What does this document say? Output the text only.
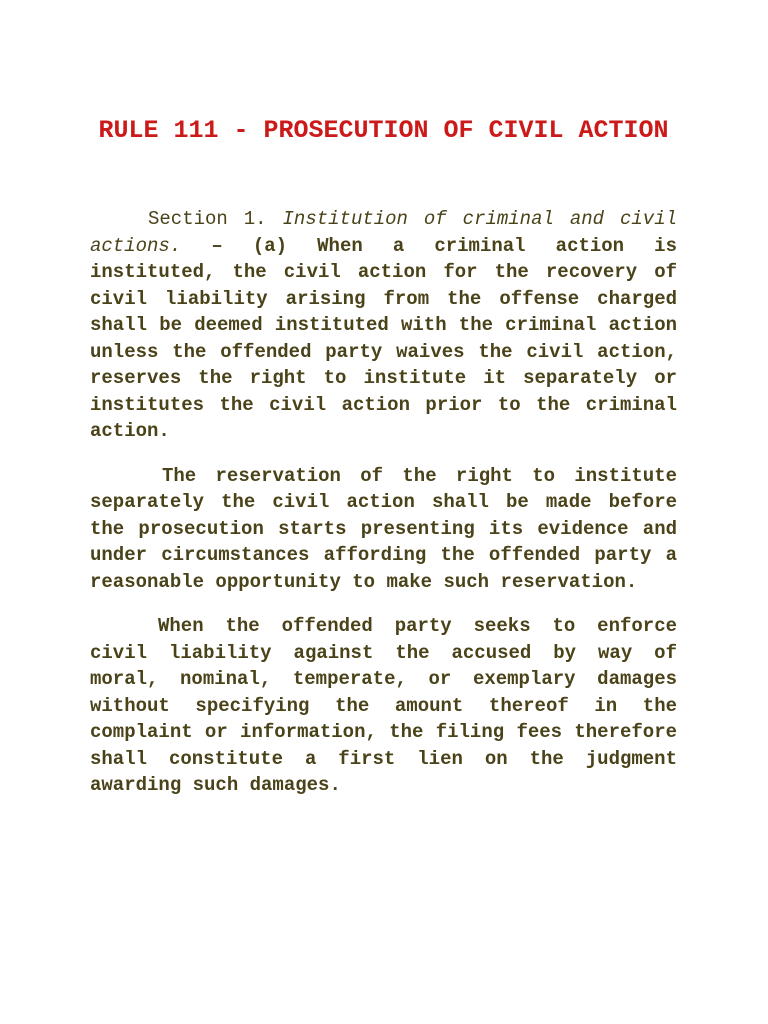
RULE 111 - PROSECUTION OF CIVIL ACTION

Section 1. Institution of criminal and civil actions. – (a) When a criminal action is instituted, the civil action for the recovery of civil liability arising from the offense charged shall be deemed instituted with the criminal action unless the offended party waives the civil action, reserves the right to institute it separately or institutes the civil action prior to the criminal action.

The reservation of the right to institute separately the civil action shall be made before the prosecution starts presenting its evidence and under circumstances affording the offended party a reasonable opportunity to make such reservation.

When the offended party seeks to enforce civil liability against the accused by way of moral, nominal, temperate, or exemplary damages without specifying the amount thereof in the complaint or information, the filing fees therefore shall constitute a first lien on the judgment awarding such damages.
